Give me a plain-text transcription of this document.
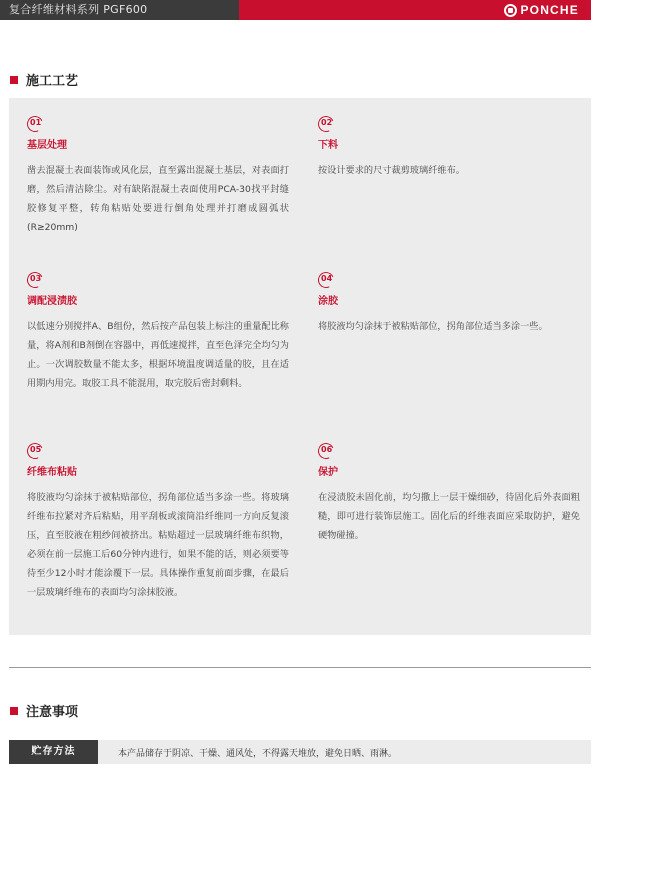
复合纤维材料系列 PGF600	PONCHE
施工工艺
01
基层处理
凿去混凝土表面装饰或风化层，直至露出混凝土基层，对表面打磨，然后清洁除尘。对有缺陷混凝土表面使用PCA-30找平封缝胶修复平整，转角粘贴处要进行倒角处理并打磨成圆弧状(R≥20mm)
02
下料
按设计要求的尺寸裁剪玻璃纤维布。
03
调配浸渍胶
以低速分别搅拌A、B组份，然后按产品包装上标注的重量配比称量，将A剂和B剂倒在容器中，再低速搅拌，直至色泽完全均匀为止。一次调胶数量不能太多，根据环境温度调适量的胶，且在适用期内用完。取胶工具不能混用，取完胶后密封剩料。
04
涂胶
将胶液均匀涂抹于被粘贴部位，拐角部位适当多涂一些。
05
纤维布粘贴
将胶液均匀涂抹于被粘贴部位，拐角部位适当多涂一些。将玻璃纤维布拉紧对齐后粘贴，用平刮板或滚筒沿纤维同一方向反复滚压，直至胶液在粗纱间被挤出。粘贴超过一层玻璃纤维布织物，必须在前一层施工后60分钟内进行，如果不能的话，则必须要等待至少12小时才能涂覆下一层。具体操作重复前面步骤，在最后一层玻璃纤维布的表面均匀涂抹胶液。
06
保护
在浸渍胶未固化前，均匀撒上一层干燥细砂，待固化后外表面粗糙，即可进行装饰层施工。固化后的纤维表面应采取防护，避免硬物碰撞。
注意事项
贮存方法	本产品储存于阴凉、干燥、通风处，不得露天堆放，避免日晒、雨淋。
